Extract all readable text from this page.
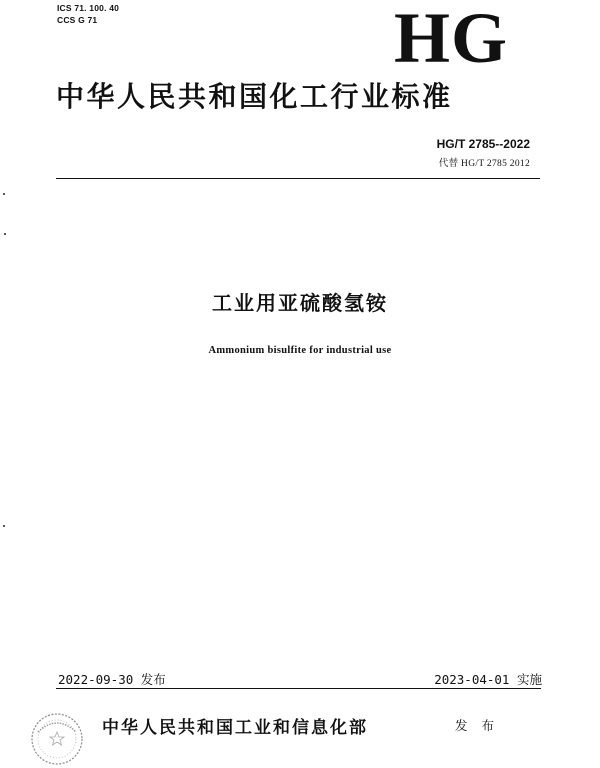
ICS 71. 100. 40
CCS G 71	HG
中华人民共和国化工行业标准
HG/T 2785--2022
代替 HG/T 2785 2012
工业用亚硫酸氢铵
Ammonium bisulfite for industrial use
2022-09-30 发布	2023-04-01 实施
中华人民共和国工业和信息化部	发 布
